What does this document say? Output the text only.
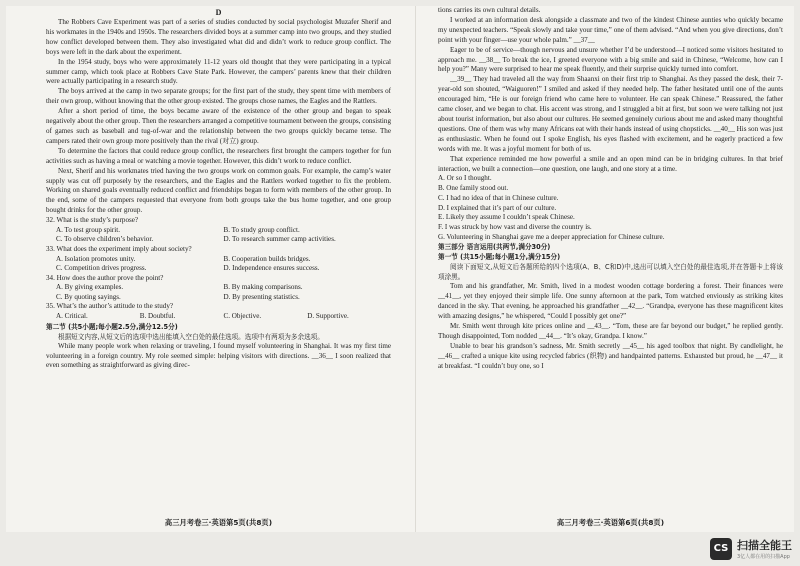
D

The Robbers Cave Experiment was part of a series of studies conducted by social psychologist Muzafer Sherif and his workmates in the 1940s and 1950s. The researchers divided boys at a summer camp into two groups, and they studied how conflict developed between them. They also investigated what did and didn’t work to reduce group conflict. The boys were left in the dark about the experiment.

In the 1954 study, boys who were approximately 11-12 years old thought that they were participating in a typical summer camp, which took place at Robbers Cave State Park. However, the campers’ parents knew that their children were actually participating in a research study.

The boys arrived at the camp in two separate groups; for the first part of the study, they spent time with members of their own group, without knowing that the other group existed. The groups chose names, the Eagles and the Rattlers.

After a short period of time, the boys became aware of the existence of the other group and began to speak negatively about the other group. Then the researchers arranged a competitive tournament between the groups, consisting of games such as baseball and tug-of-war and the relationship between the two groups quickly became tense. The campers rated their own group more positively than the rival (对立) group.

To determine the factors that could reduce group conflict, the researchers first brought the campers together for fun activities such as having a meal or watching a movie together. However, this didn’t work to reduce conflict.

Next, Sherif and his workmates tried having the two groups work on common goals. For example, the camp’s water supply was cut off purposely by the researchers, and the Eagles and the Rattlers worked together to fix the problem. Working on shared goals eventually reduced conflict and friendships began to form with members of the other group. In the end, some of the campers requested that everyone from both groups take the bus home together, and one group bought drinks for the other group.

32. What is the study’s purpose?

A. To test group spirit.	B. To study group conflict.
C. To observe children’s behavior.	D. To research summer camp activities.

33. What does the experiment imply about society?

A. Isolation promotes unity.	B. Cooperation builds bridges.
C. Competition drives progress.	D. Independence ensures success.

34. How does the author prove the point?

A. By giving examples.	B. By making comparisons.
C. By quoting sayings.	D. By presenting statistics.

35. What’s the author’s attitude to the study?

A. Critical.	B. Doubtful.	C. Objective.	D. Supportive.

第二节 (共5小题;每小题2.5分,满分12.5分)

根据短文内容,从短文后的选项中选出能填入空白处的最佳选项。选项中有两项为多余选项。

While many people work when relaxing or traveling, I found myself volunteering in Shanghai. It was my first time volunteering in a foreign country. My role seemed simple: helping visitors with directions. __36__ I soon realized that even something as straightforward as giving direc-

tions carries its own cultural details.

I worked at an information desk alongside a classmate and two of the kindest Chinese aunties who quickly became my unexpected teachers. “Speak slowly and take your time,” one of them advised. “And when you give directions, don’t point with your finger—use your whole palm.” __37__

Eager to be of service—though nervous and unsure whether I’d be understood—I noticed some visitors hesitated to approach me. __38__ To break the ice, I greeted everyone with a big smile and said in Chinese, “Welcome, how can I help you?” Many were surprised to hear me speak fluently, and their surprise quickly turned into comfort.

__39__ They had traveled all the way from Shaanxi on their first trip to Shanghai. As they passed the desk, their 7-year-old son shouted, “Waiguoren!” I smiled and asked if they needed help. The father hesitated until one of the aunts encouraged him, “He is our foreign friend who came here to volunteer. He can speak Chinese.” Reassured, the father came closer, and we began to chat. His accent was strong, and I struggled a bit at first, but soon we were talking not just about tourist information, but also about our cultures. He seemed genuinely curious about me and asked many thoughtful questions. One of them was why many Africans eat with their hands instead of using chopsticks. __40__ His son was just as enthusiastic. When he found out I spoke English, his eyes flashed with excitement, and he eagerly practiced a few words with me. It was a joyful moment for both of us.

That experience reminded me how powerful a smile and an open mind can be in bridging cultures. In that brief interaction, we built a connection—one question, one laugh, and one story at a time.

A. Or so I thought.

B. One family stood out.

C. I had no idea of that in Chinese culture.

D. I explained that it’s part of our culture.

E. Likely they assume I couldn’t speak Chinese.

F. I was struck by how vast and diverse the country is.

G. Volunteering in Shanghai gave me a deeper appreciation for Chinese culture.

第三部分 语言运用(共两节,满分30分)

第一节 (共15小题;每小题1分,满分15分)

阅读下面短文,从短文后各题所给的四个选项(A、B、C和D)中,选出可以填入空白处的最佳选项,并在答题卡上将该项涂黑。

Tom and his grandfather, Mr. Smith, lived in a modest wooden cottage bordering a forest. Their finances were __41__, yet they enjoyed their simple life. One sunny afternoon at the park, Tom watched enviously as striking kites danced in the sky. That evening, he approached his grandfather __42__. “Grandpa, everyone has these magnificent kites with amazing designs,” he whispered, “Could I possibly get one?”

Mr. Smith went through kite prices online and __43__. “Tom, these are far beyond our budget,” he replied gently. Though disappointed, Tom nodded __44__. “It’s okay, Grandpa. I know.”

Unable to bear his grandson’s sadness, Mr. Smith secretly __45__ his aged toolbox that night. By candlelight, he __46__ crafted a unique kite using recycled fabrics (织物) and handpainted patterns. Exhausted but proud, he __47__ it at breakfast. “I couldn’t buy one, so I

高三月考卷三·英语第5页(共8页)	高三月考卷三·英语第6页(共8页)
CS 扫描全能王
3亿人都在用的扫描App
